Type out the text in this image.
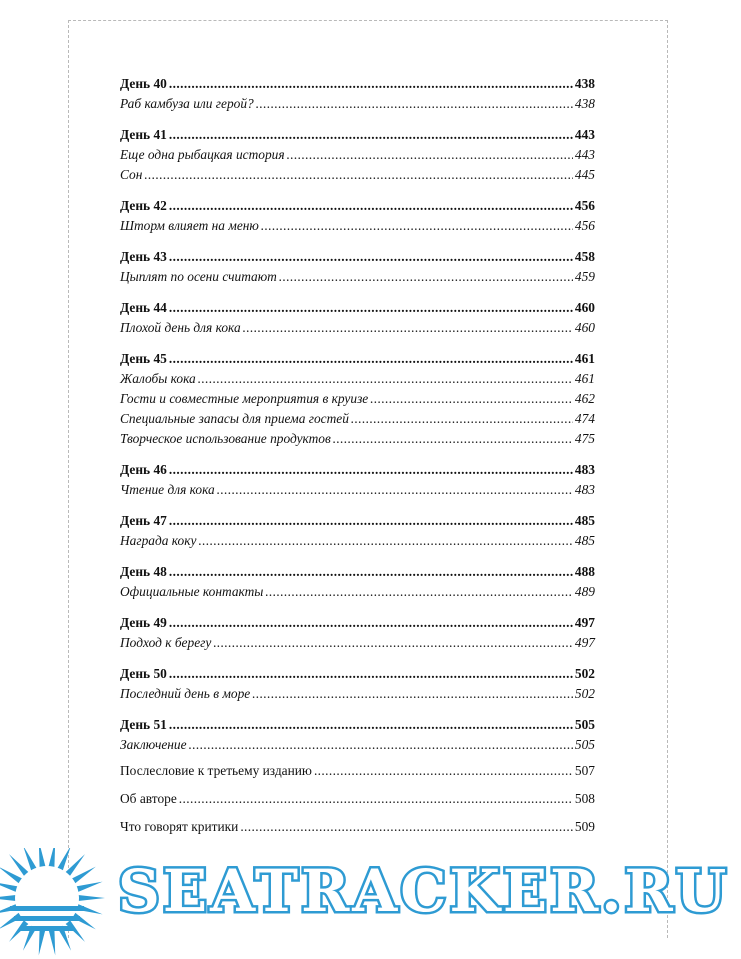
День 40 .....	438
Раб камбуза или герой? .....	438
День 41 .....	443
Еще одна рыбацкая история .....	443
Сон .....	445
День 42 .....	456
Шторм влияет на меню .....	456
День 43 .....	458
Цыплят по осени считают .....	459
День 44 .....	460
Плохой день для кока .....	460
День 45 .....	461
Жалобы кока .....	461
Гости и совместные мероприятия в круизе .....	462
Специальные запасы для приема гостей .....	474
Творческое использование продуктов .....	475
День 46 .....	483
Чтение для кока .....	483
День 47 .....	485
Награда коку .....	485
День 48 .....	488
Официальные контакты .....	489
День 49 .....	497
Подход к берегу .....	497
День 50 .....	502
Последний день в море .....	502
День 51 .....	505
Заключение .....	505
Послесловие к третьему изданию .....	507
Об авторе .....	508
Что говорят критики .....	509
SEATRACKER.RU
